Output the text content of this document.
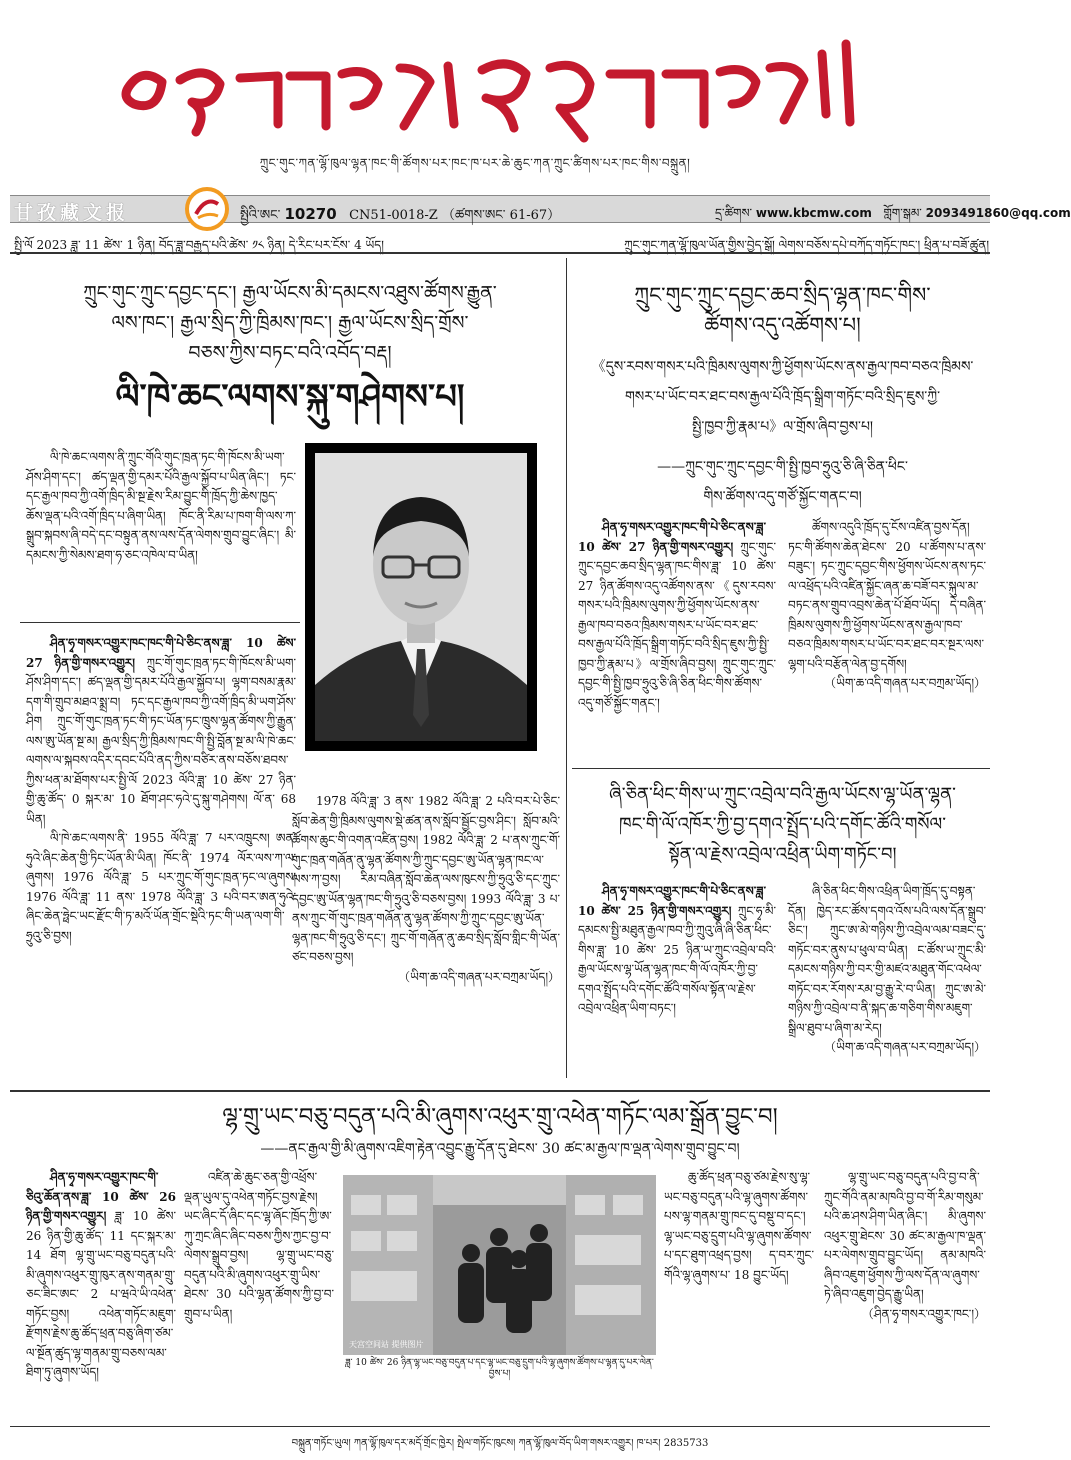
ཀྲུང་གུང་ཀན་ལྷོ་ཁུལ་ལྷན་ཁང་གི་ཚོགས་པར་ཁང་ཁ་པར་ཆེ་ཆུང་ཀན་ཀྲུང་ཚིགས་པར་ཁང་གིས་བསྐྲུན།
甘孜藏文报	སྤྱིའི་ཨང་ 10270 CN51-0018-Z （ཚགས་ཨང་ 61-67）	དྲ་ཚིགས་ www.kbcmw.com གློག་སྒམ་ 2093491860@qq.com
སྤྱི་ལོ 2023 ཟླ་ 11 ཚེས་ 1 ཉིན། བོད་ཟླ་བརྒྱད་པའི་ཚེས་ ༡༨ ཉིན། དེ་རིང་པར་ངོས་ 4 ཡོད།	ཀྲུང་གུང་ཀན་ལྷོ་ཁུལ་ཡོན་གྱིས་བྱེད་སྒོ། ལེགས་བཅོས་དཔེ་བཀོད་གཏོང་ཁང་། ཕྲིན་པ་བཟོ་ཚུན།
ཀྲུང་གུང་ཀྲུང་དབྱང་དང་། རྒྱལ་ཡོངས་མི་དམངས་འཐུས་ཚོགས་རྒྱུན་
ལས་ཁང་། རྒྱལ་སྲིད་ཀྱི་ཁྲིམས་ཁང་། རྒྱལ་ཡོངས་སྲིད་གྲོས་
བཅས་ཀྱིས་བཏང་བའི་འབོད་བརྡ།
ལི་ཁེ་ཆང་ལགས་སྐུ་གཤེགས་པ།

ལི་ཁེ་ཆང་ལགས་ནི་ཀྲུང་གོའི་གུང་ཁྲན་ཏང་གི་ཁོངས་མི་ཡག་ཤོས་ཤིག་དང་། ཚད་ལྡན་གྱི་དམར་པོའི་རྒྱལ་སྐྱོབ་པ་ཡིན་ཞིང་། ཏང་དང་རྒྱལ་ཁབ་ཀྱི་འགོ་ཁྲིད་མི་སྔ་རྗེས་རིམ་བྱུང་གི་ཁྲོད་ཀྱི་ཆེས་ཁྱད་ཆོས་ལྡན་པའི་འགོ་ཁྲིད་པ་ཞིག་ཡིན། ཁོང་ནི་རིམ་པ་ཁག་གི་ལས་ཀ་སྒྲུབ་སྐབས་ཞི་བདེ་དང་བསྟུན་ནས་ལས་དོན་ལེགས་གྲུབ་བྱུང་ཞིང་། མི་དམངས་ཀྱི་སེམས་ཐག་ཧ་ཅང་འཁེལ་བ་ཡིན།

ཤིན་ཧྭ་གསར་འགྱུར་ཁང་ཁང་གི་པེ་ཅིང་ནས་ཟླ་ 10 ཚེས་ 27 ཉིན་གྱི་གསར་འགྱུར། ཀྲུང་གོ་གུང་ཁྲན་ཏང་གི་ཁོངས་མི་ཡག་ཤོས་ཤིག་དང་། ཚད་ལྡན་གྱི་དམར་པོའི་རྒྱལ་སྐྱོབ་པ། ལྷག་བསམ་རྣམ་དག་གི་གྲུབ་མཐའ་སྨྲ་བ། ཏང་དང་རྒྱལ་ཁབ་ཀྱི་འགོ་ཁྲིད་མི་ཡག་ཤོས་ཤིག ཀྲུང་གོ་གུང་ཁྲན་ཏང་གི་ཏང་ཡོན་ཏང་ཁྲུས་ལྷན་ཚོགས་ཀྱི་རྒྱུན་ལས་ཨུ་ཡོན་སྔ་མ། རྒྱལ་སྲིད་ཀྱི་ཁྲིམས་ཁང་གི་སྤྱི་བློན་སྔ་མ་ལི་ཁེ་ཆང་ལགས་ལ་སྐབས་འདིར་དབང་པོའི་ནད་ཀྱིས་བཙིར་ནས་བཅོས་ཐབས་ཀྱིས་ཕན་མ་ཐོགས་པར་སྤྱི་ལོ 2023 ལོའི་ཟླ་ 10 ཚེས་ 27 ཉིན་གྱི་ཆུ་ཚོད་ 0 སྐར་མ་ 10 ཐོག་ཤང་ཧའེ་དུ་སྐུ་གཤེགས། ལོ་ན་ 68 ཡིན།

ལི་ཁེ་ཆང་ལགས་ནི་ 1955 ལོའི་ཟླ་ 7 པར་འཁྲུངས། ཨན་ཧུའེ་ཞིང་ཆེན་གྱི་ཏིང་ཡོན་མི་ཡིན། ཁོང་ནི་ 1974 ལོར་ལས་ཀ་ལ་ཞུགས། 1976 ལོའི་ཟླ་ 5 པར་ཀྲུང་གོ་གུང་ཁྲན་ཏང་ལ་ཞུགས། 1976 ལོའི་ཟླ་ 11 ནས་ 1978 ལོའི་ཟླ་ 3 པའི་བར་ཨན་ཧུའེ་ཞིང་ཆེན་ཧྥེང་ཡང་རྫོང་གི་ཏ་མའོ་ཡོན་གྲོང་སྡེའི་ཏང་གི་ཡན་ལག་གི་ཧྲུའུ་ཅི་བྱས།

1978 ལོའི་ཟླ་ 3 ནས་ 1982 ལོའི་ཟླ་ 2 པའི་བར་པེ་ཅིང་སློབ་ཆེན་གྱི་ཁྲིམས་ལུགས་སྡེ་ཚན་ནས་སློབ་སྦྱོང་བྱས་ཤིང་། སློབ་མའི་ཚོགས་ཆུང་གི་འགན་འཛིན་བྱས། 1982 ལོའི་ཟླ་ 2 པ་ནས་ཀྲུང་གོ་གུང་ཁྲན་གཞོན་ནུ་ལྷན་ཚོགས་ཀྱི་ཀྲུང་དབྱང་ཨུ་ཡོན་ལྷན་ཁང་ལ་ལས་ཀ་བྱས། རིམ་བཞིན་སློབ་ཆེན་ལས་ཁུངས་ཀྱི་ཧྲུའུ་ཅི་དང་ཀྲུང་དབྱང་ཨུ་ཡོན་ལྷན་ཁང་གི་ཧྲུའུ་ཅི་བཅས་བྱས། 1993 ལོའི་ཟླ་ 3 པ་ནས་ཀྲུང་གོ་གུང་ཁྲན་གཞོན་ནུ་ལྷན་ཚོགས་ཀྱི་ཀྲུང་དབྱང་ཨུ་ཡོན་ལྷན་ཁང་གི་ཧྲུའུ་ཅི་དང་། ཀྲུང་གོ་གཞོན་ནུ་ཆབ་སྲིད་སློབ་གླིང་གི་ཡོན་ཙང་བཅས་བྱས།

（ཡིག་ཆ་འདི་གཞན་པར་བཀྲམ་ཡོད།）

ཀྲུང་གུང་ཀྲུང་དབྱང་ཆབ་སྲིད་ལྷན་ཁང་གིས་
ཚོགས་འདུ་འཚོགས་པ།
《དུས་རབས་གསར་པའི་ཁྲིམས་ལུགས་ཀྱི་ཕྱོགས་ཡོངས་ནས་རྒྱལ་ཁབ་བཅའ་ཁྲིམས་
གསར་པ་ཡོང་བར་ཐང་བས་རྒྱལ་པོའི་ཁྲོད་སྒྲིག་གཏོང་བའི་སྲིད་ཇུས་ཀྱི་
སྤྱི་ཁྱབ་ཀྱི་རྣམ་པ》ལ་གྲོས་ཞིབ་བྱས་པ།
——ཀྲུང་གུང་ཀྲུང་དབྱང་གི་སྤྱི་ཁྱབ་ཧྲུའུ་ཅི་ཞི་ཅིན་ཕིང་
གིས་ཚོགས་འདུ་གཙོ་སྐྱོང་གནང་བ།

ཤིན་ཧྭ་གསར་འགྱུར་ཁང་གི་པེ་ཅིང་ནས་ཟླ་ 10 ཚེས་ 27 ཉིན་གྱི་གསར་འགྱུར། ཀྲུང་གུང་ཀྲུང་དབྱང་ཆབ་སྲིད་ལྷན་ཁང་གིས་ཟླ་ 10 ཚེས་ 27 ཉིན་ཚོགས་འདུ་འཚོགས་ནས་《དུས་རབས་གསར་པའི་ཁྲིམས་ལུགས་ཀྱི་ཕྱོགས་ཡོངས་ནས་རྒྱལ་ཁབ་བཅའ་ཁྲིམས་གསར་པ་ཡོང་བར་ཐང་བས་རྒྱལ་པོའི་ཁྲོད་སྒྲིག་གཏོང་བའི་སྲིད་ཇུས་ཀྱི་སྤྱི་ཁྱབ་ཀྱི་རྣམ་པ》ལ་གྲོས་ཞིབ་བྱས། ཀྲུང་གུང་ཀྲུང་དབྱང་གི་སྤྱི་ཁྱབ་ཧྲུའུ་ཅི་ཞི་ཅིན་ཕིང་གིས་ཚོགས་འདུ་གཙོ་སྐྱོང་གནང་།

ཚོགས་འདུའི་ཁྲོད་དུ་ངོས་འཛིན་བྱས་དོན། ཏང་གི་ཚོགས་ཆེན་ཐེངས་ 20 པ་ཚོགས་པ་ནས་བཟུང་། ཏང་ཀྲུང་དབྱང་གིས་ཕྱོགས་ཡོངས་ནས་ཏང་ལ་འཕྲོད་པའི་འཛིན་སྐྱོང་ཞན་ཆ་བཟོ་བར་སྐུལ་མ་བཏང་ནས་གྲུབ་འབྲས་ཆེན་པོ་ཐོབ་ཡོད། དེ་བཞིན་ཁྲིམས་ལུགས་ཀྱི་ཕྱོགས་ཡོངས་ནས་རྒྱལ་ཁབ་བཅའ་ཁྲིམས་གསར་པ་ཡོང་བར་ཐང་བར་སྔར་ལས་ལྷག་པའི་བརྩོན་ལེན་བྱ་དགོས།

（ཡིག་ཆ་འདི་གཞན་པར་བཀྲམ་ཡོད།）

ཞི་ཅིན་ཕིང་གིས་ཡ་ཀྲུང་འབྲེལ་བའི་རྒྱལ་ཡོངས་ལྷ་ཡོན་ལྷན་
ཁང་གི་ལོ་འཁོར་ཀྱི་བྱ་དགའ་སྤྲོད་པའི་དགོང་ཚོའི་གསོལ་
སྟོན་ལ་རྗེས་འབྲེལ་འཕྲིན་ཡིག་གཏོང་བ།

ཤིན་ཧྭ་གསར་འགྱུར་ཁང་གི་པེ་ཅིང་ནས་ཟླ་ 10 ཚེས་ 25 ཉིན་གྱི་གསར་འགྱུར། ཀྲུང་ཧྭ་མི་དམངས་སྤྱི་མཐུན་རྒྱལ་ཁབ་ཀྱི་ཀྲུའུ་ཞི་ཞི་ཅིན་ཕིང་གིས་ཟླ་ 10 ཚེས་ 25 ཉིན་ཡ་ཀྲུང་འབྲེལ་བའི་རྒྱལ་ཡོངས་ལྷ་ཡོན་ལྷན་ཁང་གི་ལོ་འཁོར་ཀྱི་བྱ་དགའ་སྤྲོད་པའི་དགོང་ཚོའི་གསོལ་སྟོན་ལ་རྗེས་འབྲེལ་འཕྲིན་ཡིག་བཏང་།

ཞི་ཅིན་ཕིང་གིས་འཕྲིན་ཡིག་ཁྲོད་དུ་བསྟན་དོན། ཁྱེད་རང་ཚོས་དགའ་འོས་པའི་ལས་དོན་སྒྲུབ་ཅིང་། ཀྲུང་ཨ་མེ་གཉིས་ཀྱི་འབྲེལ་ལམ་བཟང་དུ་གཏོང་བར་ནུས་པ་ཕུལ་བ་ཡིན། ང་ཚོས་ཡ་ཀྲུང་མི་དམངས་གཉིས་ཀྱི་བར་གྱི་མཛའ་མཐུན་གོང་འཕེལ་གཏོང་བར་རོགས་རམ་བྱ་རྒྱུ་རེ་བ་ཡིན། ཀྲུང་ཨ་མེ་གཉིས་ཀྱི་འབྲེལ་བ་ནི་སྐད་ཆ་གཅིག་གིས་མཇུག་སྒྲིལ་ཐུབ་པ་ཞིག་མ་རེད།

（ཡིག་ཆ་འདི་གཞན་པར་བཀྲམ་ཡོད།）

ལྷ་གྲུ་ཡང་བཅུ་བདུན་པའི་མི་ཞུགས་འཕུར་གྲུ་འཕེན་གཏོང་ལམ་སྒྲོན་བྱུང་བ།
——ནང་རྒྱལ་གྱི་མི་ཞུགས་འཇིག་རྟེན་འབྱུང་རྒྱུ་དོན་དུ་ཐེངས་ 30 ཚང་མ་རྒྱལ་ཁ་ལྡན་ལེགས་གྲུབ་བྱུང་བ།

ཤིན་ཧྭ་གསར་འགྱུར་ཁང་གི་ཅིའུ་ཆོན་ནས་ཟླ་ 10 ཚེས་ 26 ཉིན་གྱི་གསར་འགྱུར། ཟླ་ 10 ཚེས་ 26 ཉིན་གྱི་ཆུ་ཚོད་ 11 དང་སྐར་མ་ 14 ཐོག ལྷ་གྲུ་ཡང་བཅུ་བདུན་པའི་མི་ཞུགས་འཕུར་གྲུ་ཁུར་ནས་གནམ་གྲུ་ཅང་ཟིང་ཨང་ 2 པ་ཝའེ་ཡི་འཕེན་གཏོང་བྱས། འཕེན་གཏོང་མཇུག་རྫོགས་རྗེས་ཆུ་ཚོད་ཕྲན་བཅུ་ཞིག་ཙམ་ལ་སྔོན་ཚུད་ལྷ་གནམ་གྲུ་བཅས་ལམ་ཐིག་ཏུ་ཞུགས་ཡོད།

འཛིན་ཆེ་ཆུང་ཅན་གྱི་འཕྲོས་ལྡན་ཡུལ་དུ་འཕེན་གཏོང་བྱས་རྗེས། ཡང་ཞིང་དོ་ཞིང་དང་ལྷ་ཞོང་ཁྲོད་ཀྱི་ཨ་ཀུ་ཀྲང་ཞིང་ཞིང་བཅས་ཀྱིས་ཀྱང་བྱ་བ་ལེགས་སྒྲུབ་བྱས། ལྷ་གྲུ་ཡང་བཅུ་བདུན་པའི་མི་ཞུགས་འཕུར་གྲུ་ཡིས་ཐེངས་ 30 པའི་ལྷན་ཚོགས་ཀྱི་བྱ་བ་གྲུབ་པ་ཡིན།

天宫空间站 提供图片
ཟླ་ 10 ཚེས་ 26 ཉིན་ལྷ་ཡང་བཅུ་བདུན་པ་དང་ལྷ་ཡང་བཅུ་དྲུག་པའི་ལྷ་ཞུགས་ཚོགས་པ་ལྷན་དུ་པར་ལེན་བྱས་པ།

ཆུ་ཚོད་ཕྲན་བཅུ་ཙམ་རྗེས་སུ་ལྷ་ཡང་བཅུ་བདུན་པའི་ལྷ་ཞུགས་ཚོགས་པས་ལྷ་གནམ་གྲུ་ཁང་དུ་བསྡུ་བ་དང་། ལྷ་ཡང་བཅུ་དྲུག་པའི་ལྷ་ཞུགས་ཚོགས་པ་དང་ཐུག་འཕྲད་བྱས། ད་བར་ཀྲུང་གོའི་ལྷ་ཞུགས་པ་ 18 བྱུང་ཡོད།

ལྷ་གྲུ་ཡང་བཅུ་བདུན་པའི་བྱ་བ་ནི་ཀྲུང་གོའི་ནམ་མཁའི་བྱ་བ་གོ་རིམ་གསུམ་པའི་ཆ་ཤས་ཤིག་ཡིན་ཞིང་། མི་ཞུགས་འཕུར་གྲུ་ཐེངས་ 30 ཚང་མ་རྒྱལ་ཁ་ལྡན་པར་ལེགས་གྲུབ་བྱུང་ཡོད། ནམ་མཁའི་ཞིབ་འཇུག་ཕྱོགས་ཀྱི་ལས་དོན་ལ་ཞུགས་ཏེ་ཞིབ་འཇུག་བྱེད་རྒྱུ་ཡིན།

（ཤིན་ཧྭ་གསར་འགྱུར་ཁང་།）

བསྐྲུན་གཏོང་ཡུལ། ཀན་ལྷོ་ཁུལ་དར་མདོ་གྲོང་ཁྱེར། སྤེལ་གཏོང་ཁུངས། ཀན་ལྷོ་ཁུལ་བོད་ཡིག་གསར་འགྱུར། ཁ་པར། 2835733
